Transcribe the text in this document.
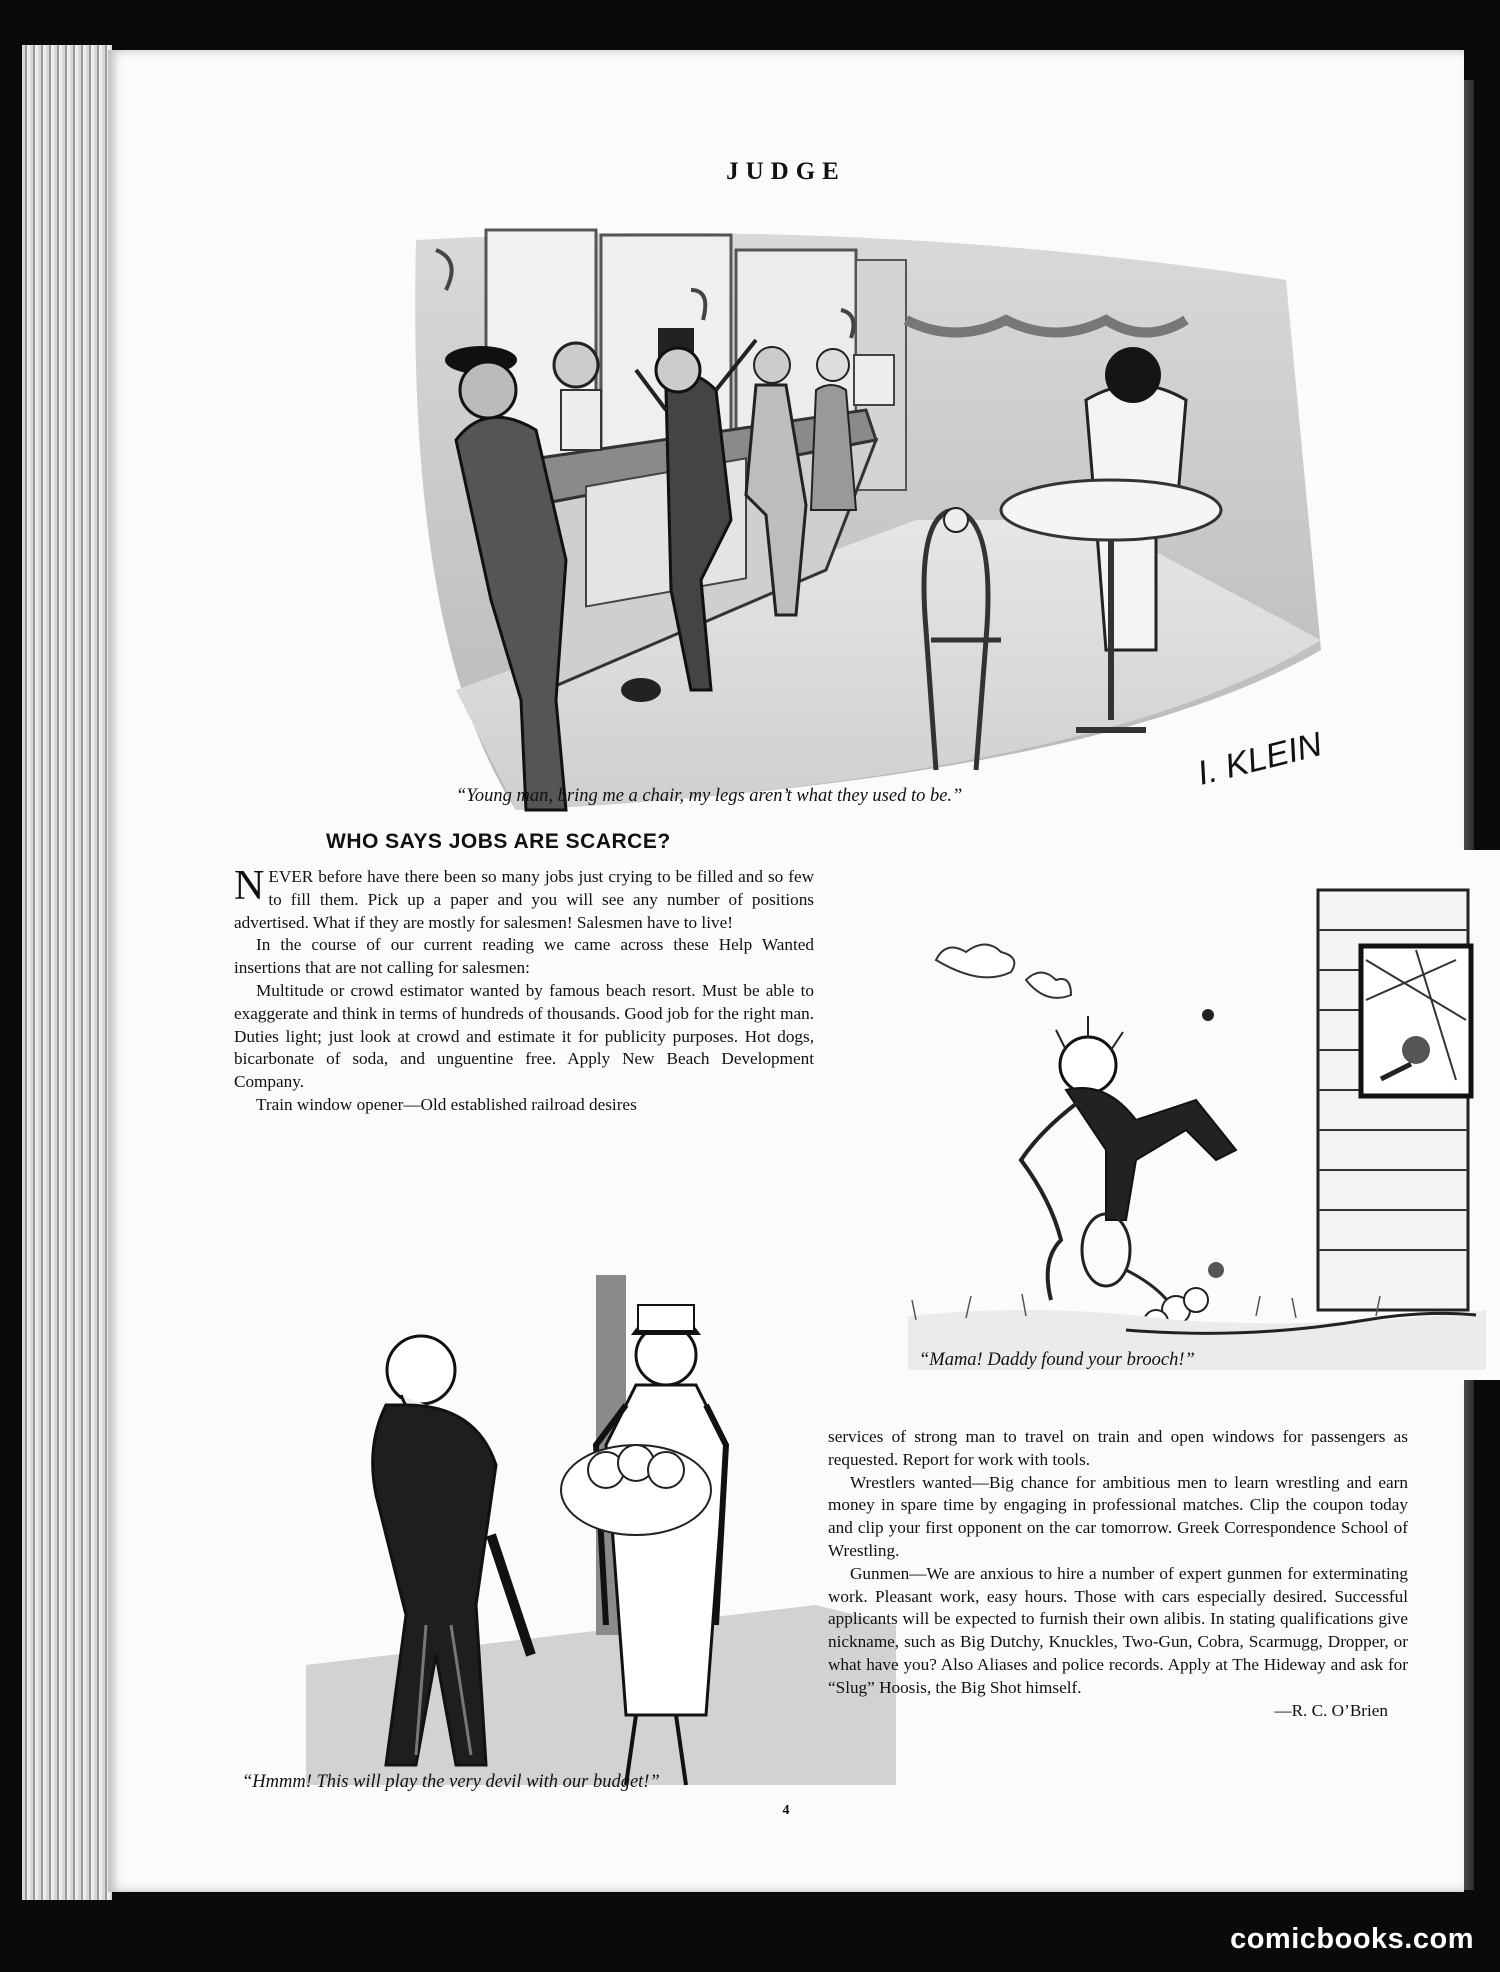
JUDGE
I. KLEIN
“Young man, bring me a chair, my legs aren’t what they used to be.”
WHO SAYS JOBS ARE SCARCE?

NEVER before have there been so many jobs just crying to be filled and so few to fill them. Pick up a paper and you will see any number of positions advertised. What if they are mostly for salesmen! Salesmen have to live!

In the course of our current reading we came across these Help Wanted insertions that are not calling for salesmen:

Multitude or crowd estimator wanted by famous beach resort. Must be able to exaggerate and think in terms of hundreds of thousands. Good job for the right man. Duties light; just look at crowd and estimate it for publicity purposes. Hot dogs, bicarbonate of soda, and unguentine free. Apply New Beach Development Company.

Train window opener—Old established railroad desires

“Mama! Daddy found your brooch!”
“Hmmm! This will play the very devil with our budget!”

services of strong man to travel on train and open windows for passengers as requested. Report for work with tools.

Wrestlers wanted—Big chance for ambitious men to learn wrestling and earn money in spare time by engaging in professional matches. Clip the coupon today and clip your first opponent on the car tomorrow. Greek Correspondence School of Wrestling.

Gunmen—We are anxious to hire a number of expert gunmen for exterminating work. Pleasant work, easy hours. Those with cars especially desired. Successful applicants will be expected to furnish their own alibis. In stating qualifications give nickname, such as Big Dutchy, Knuckles, Two-Gun, Cobra, Scarmugg, Dropper, or what have you? Also Aliases and police records. Apply at The Hideway and ask for “Slug” Hoosis, the Big Shot himself.

—R. C. O’Brien

4
comicbooks.com
